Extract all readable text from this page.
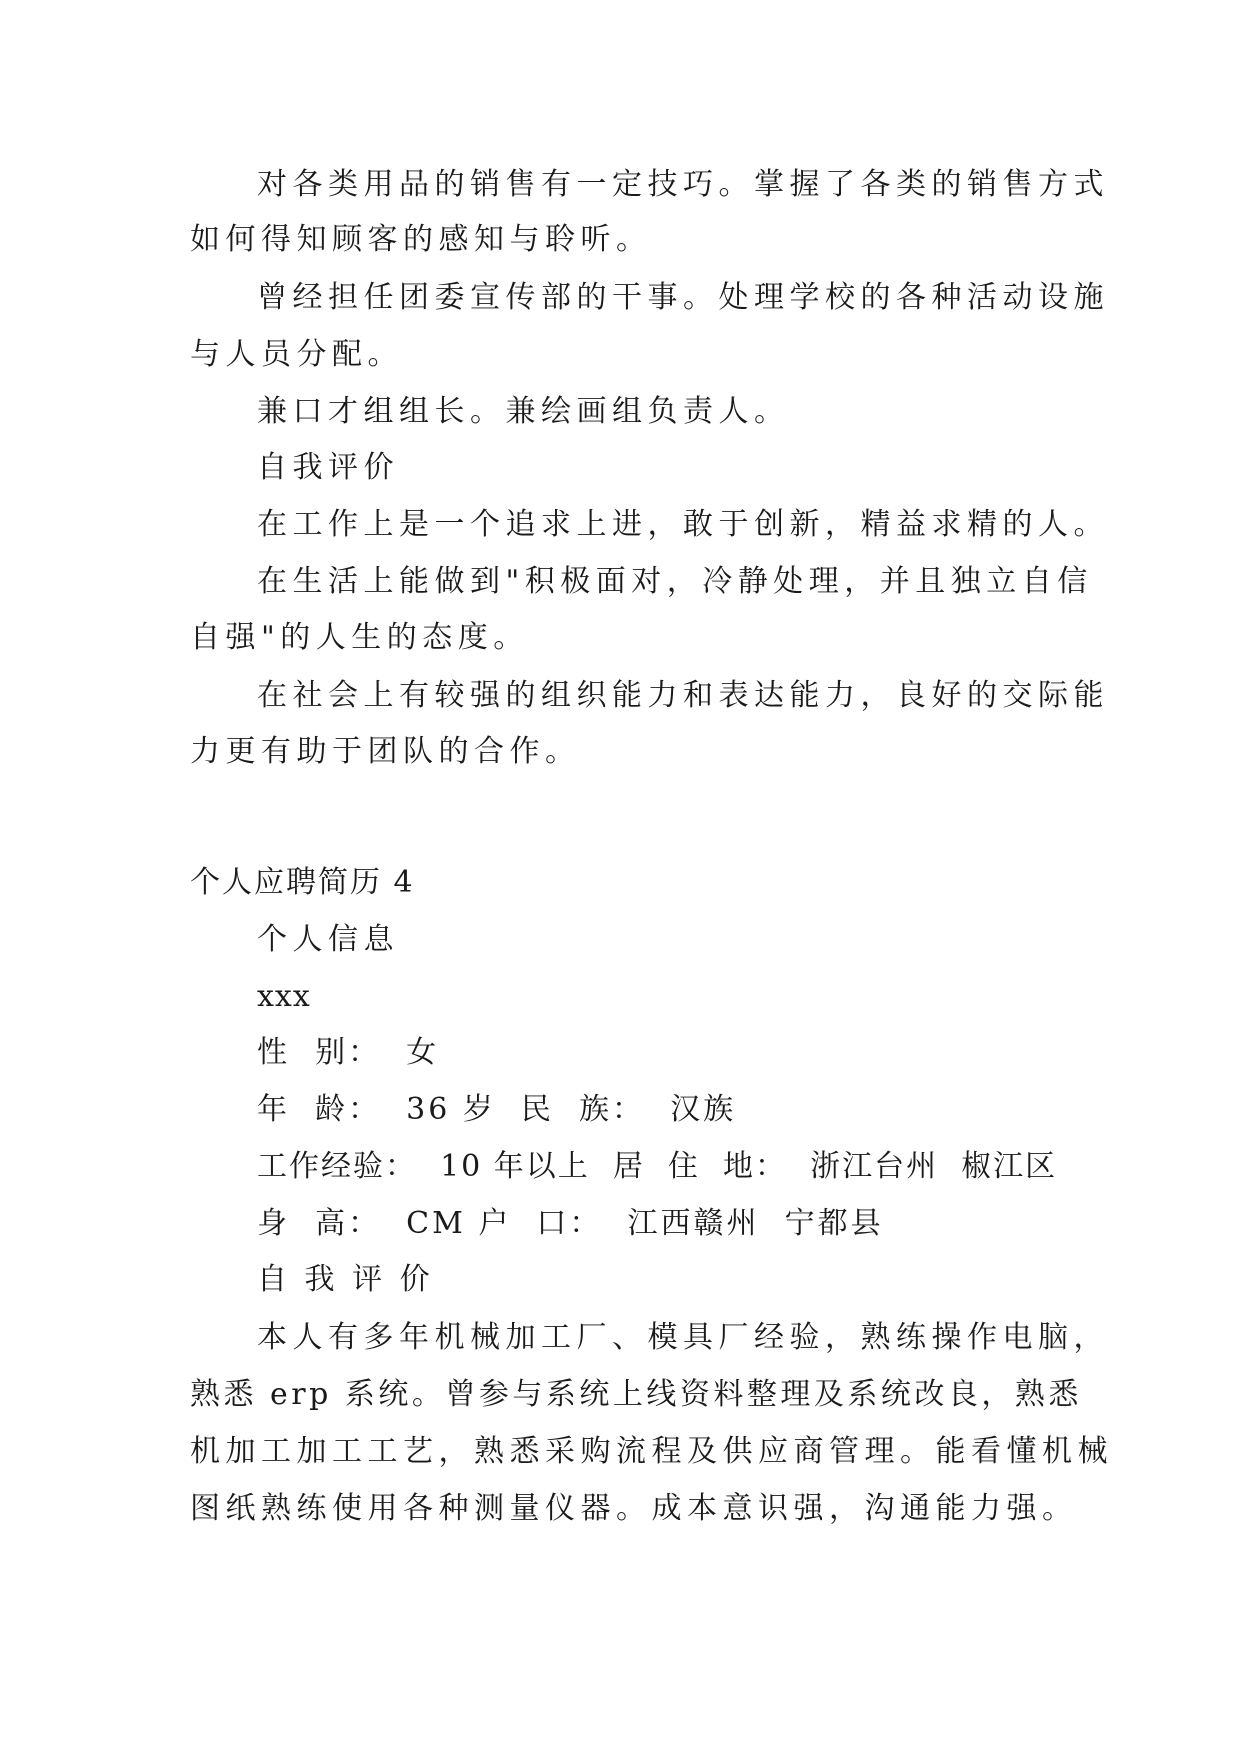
对各类用品的销售有一定技巧。掌握了各类的销售方式
如何得知顾客的感知与聆听。
曾经担任团委宣传部的干事。处理学校的各种活动设施
与人员分配。
兼口才组组长。兼绘画组负责人。
自我评价
在工作上是一个追求上进，敢于创新，精益求精的人。
在生活上能做到"积极面对，冷静处理，并且独立自信
自强"的人生的态度。
在社会上有较强的组织能力和表达能力，良好的交际能
力更有助于团队的合作。
个人应聘简历 4
个人信息
xxx
性  别：  女
年  龄：  36 岁  民  族：  汉族
工作经验：  10 年以上  居  住  地：  浙江台州  椒江区
身  高：  CM 户  口：  江西赣州  宁都县
自 我 评 价
本人有多年机械加工厂、模具厂经验，熟练操作电脑，
熟悉 erp 系统。曾参与系统上线资料整理及系统改良，熟悉
机加工加工工艺，熟悉采购流程及供应商管理。能看懂机械
图纸熟练使用各种测量仪器。成本意识强，沟通能力强。
